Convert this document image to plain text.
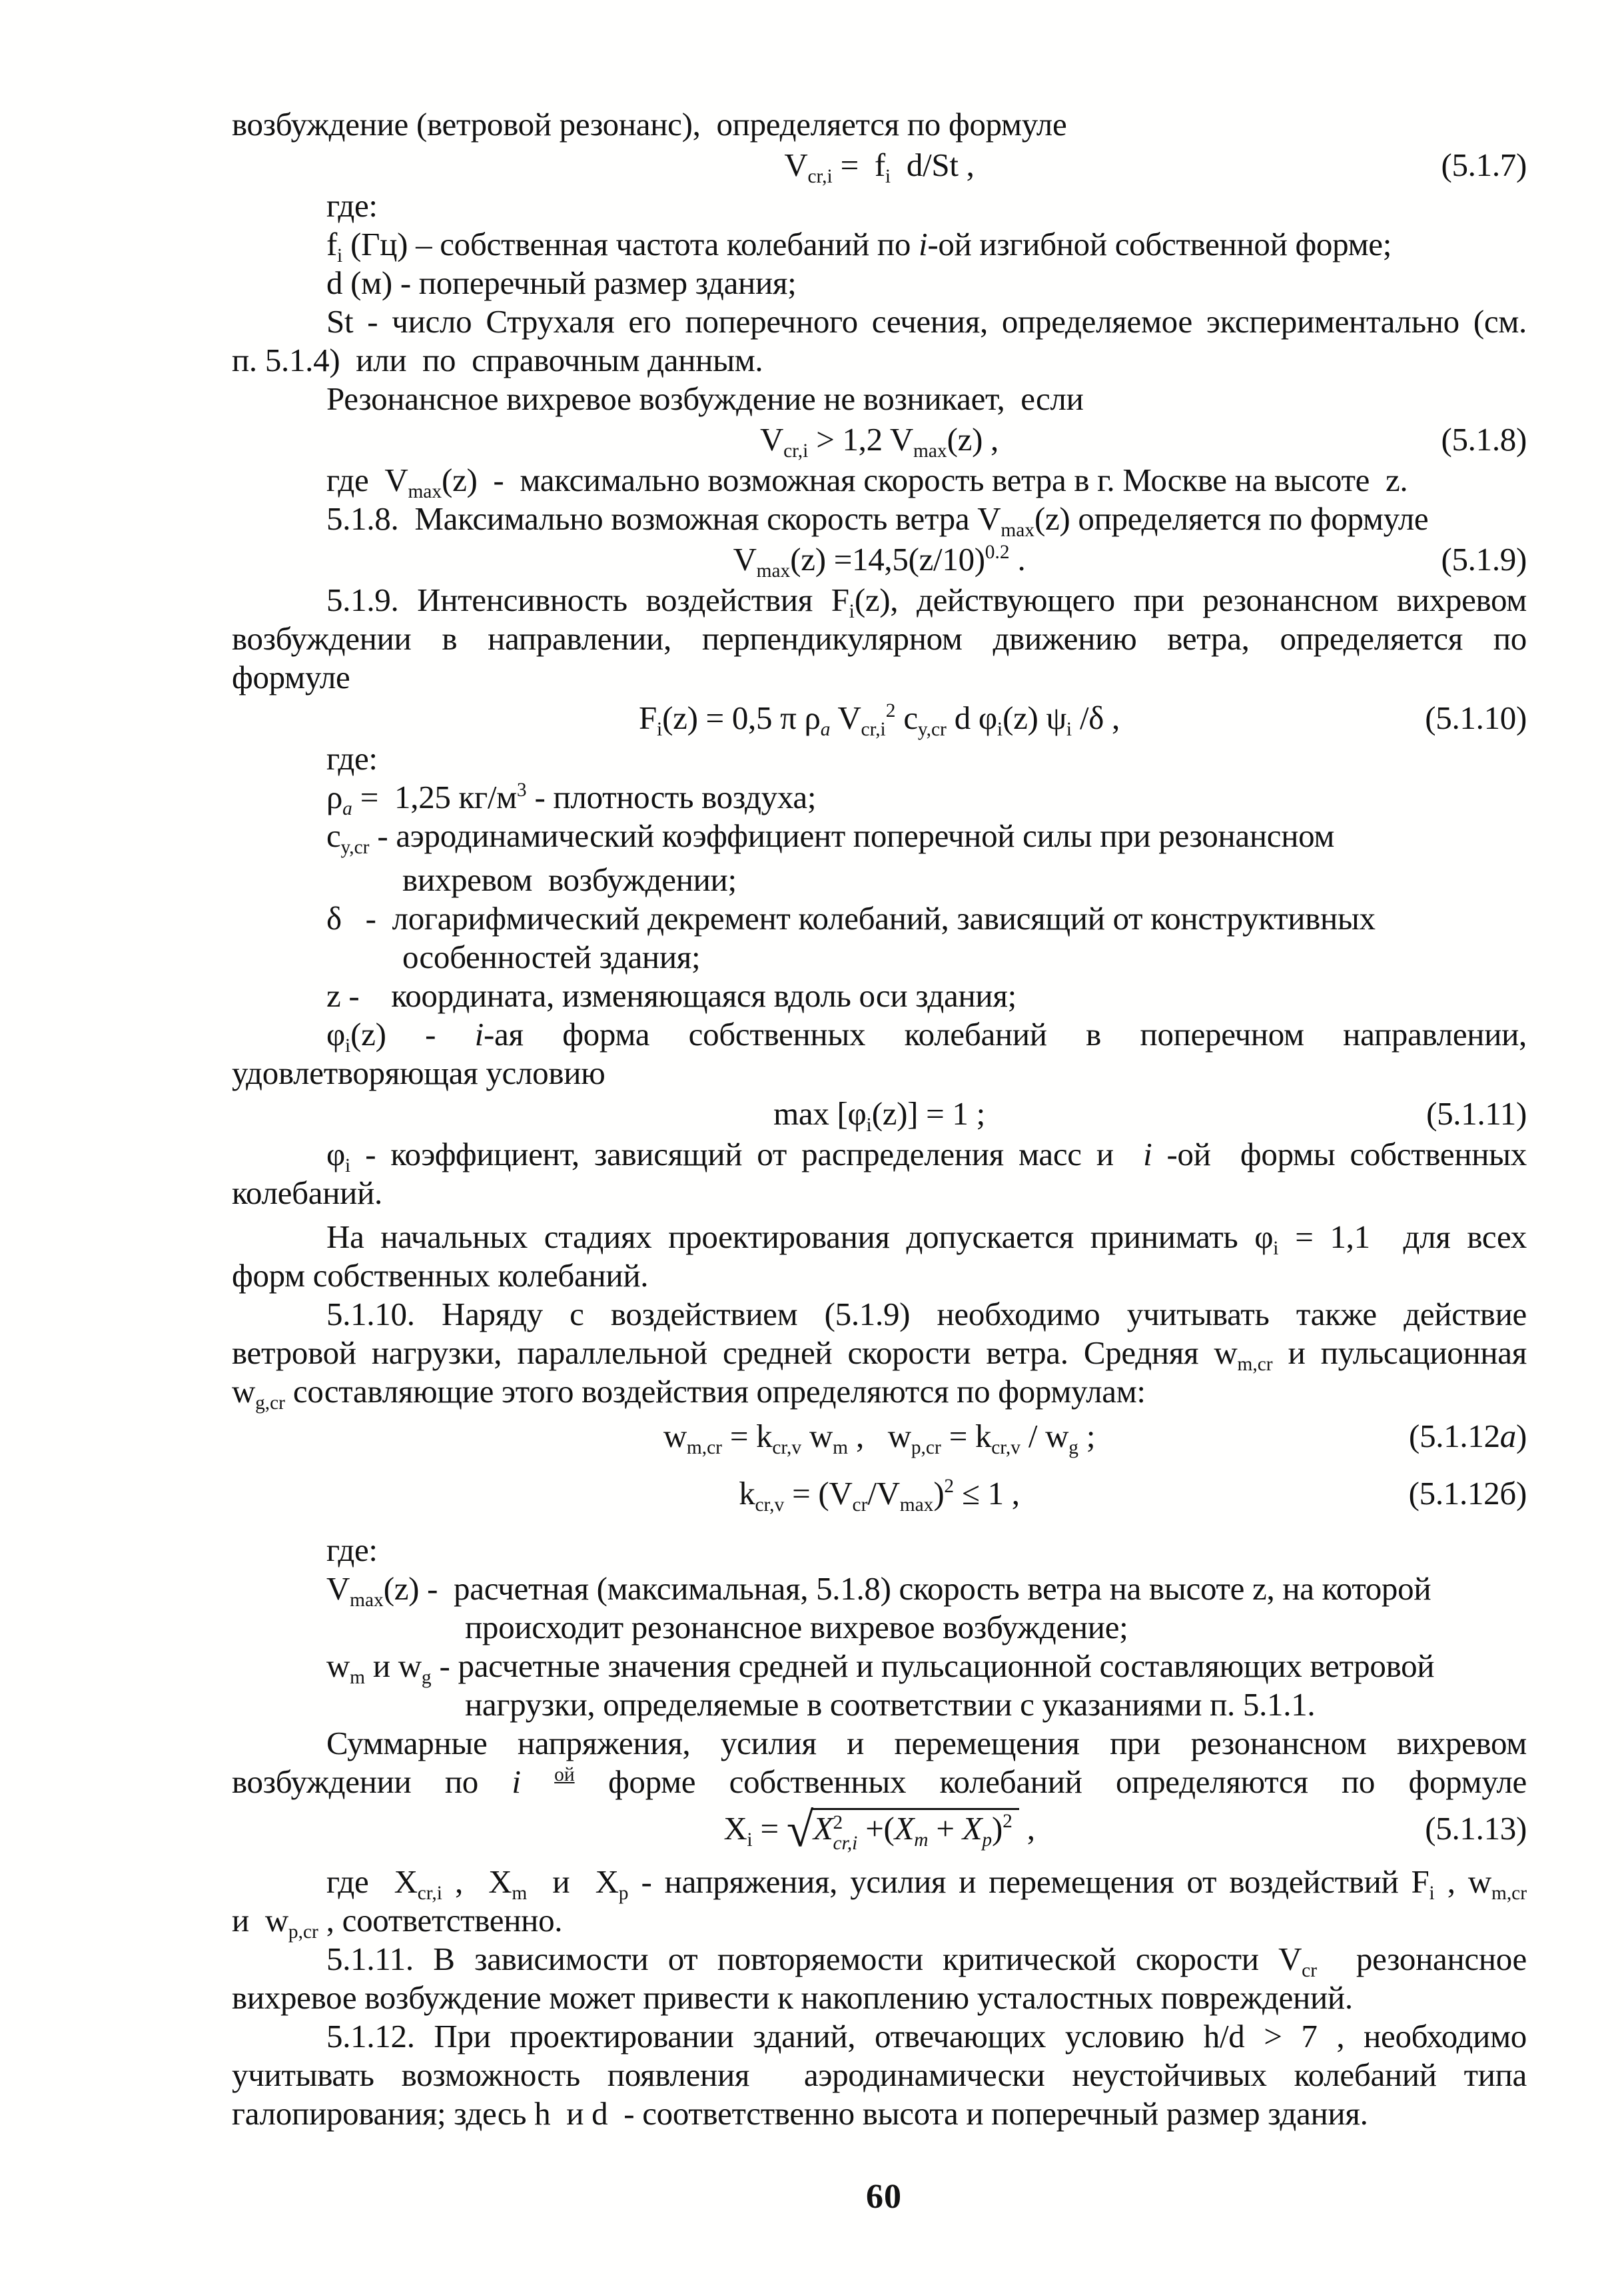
возбуждение (ветровой резонанс),  определяется по формуле
$V_{cr,i} = f_i$  d/St ,	(5.1.7)
где:
$f_i$ (Гц) – собственная частота колебаний по i-ой изгибной собственной форме;
d (м) - поперечный размер здания;
St - число Струхаля его поперечного сечения, определяемое экспериментально (см.
п. 5.1.4)  или  по  справочным данным.
Резонансное вихревое возбуждение не возникает,  если
$V_{cr,i} > 1,2$ $V_{max}(z)$ ,	(5.1.8)
где  $V_{max}(z)$  -  максимально возможная скорость ветра в г. Москве на высоте  z.
5.1.8.  Максимально возможная скорость ветра $V_{max}(z)$ определяется по формуле
$V_{max}(z) =14,5(z/10)^{0.2}$ .	(5.1.9)
5.1.9. Интенсивность воздействия $F_i(z)$, действующего при резонансном вихревом
возбуждении в направлении, перпендикулярном движению ветра, определяется по
формуле
$F_i(z) = 0,5$ π $\rho_a$ $V_{cr,i}^2$ $c_{y,cr}$ d $\varphi_i(z)$ $\psi_i$ /δ ,	(5.1.10)
где:
$\rho_a = 1,25$ $кг/м^3$ - плотность воздуха;
$c_{y,cr}$ - аэродинамический коэффициент поперечной силы при резонансном
вихревом  возбуждении;
δ   -  логарифмический декремент колебаний, зависящий от конструктивных
особенностей здания;
z -    координата, изменяющаяся вдоль оси здания;
$\varphi_i(z) - i-ая$ форма собственных колебаний в поперечном направлении,
удовлетворяющая условию
$\max [\varphi_i(z)] = 1$ ;	(5.1.11)
$\varphi_i$ - коэффициент, зависящий от распределения масс и  i -ой  формы собственных
колебаний.
На начальных стадиях проектирования допускается принимать $\varphi_i = 1,1$  для всех
форм собственных колебаний.
5.1.10. Наряду с воздействием (5.1.9) необходимо учитывать также действие
ветровой нагрузки, параллельной средней скорости ветра. Средняя $w_{m,cr}$ и пульсационная
$w_{g,cr}$ составляющие этого воздействия определяются по формулам:
$w_{m,cr} = k_{cr,v}$ $w_m$ ,   $w_{p,cr} = k_{cr,v} / w_g$ ;	(5.1.12a)
$k_{cr,v} = (V_{cr}/V_{max})^2 \le 1$ ,	(5.1.12б)
где:
$V_{max}(z)$ -  расчетная (максимальная, 5.1.8) скорость ветра на высоте z, на которой
происходит резонансное вихревое возбуждение;
$w_m$ и $w_g$ - расчетные значения средней и пульсационной составляющих ветровой
нагрузки, определяемые в соответствии с указаниями п. 5.1.1.
Суммарные напряжения, усилия и перемещения при резонансном вихревом
возбуждении по i $^{ой}$ форме собственных колебаний определяются по формуле
$X_i = √X$ 2
$cr,i +(X_m + X_p)^2$ ,	(5.1.13)
где  $X_{cr,i}$ ,  $X_m$  и  $X_p$ - напряжения, усилия и перемещения от воздействий $F_i$ , $w_{m,cr}$
и  $w_{p,cr}$ , соответственно.
5.1.11. В зависимости от повторяемости критической скорости $V_{cr}$  резонансное
вихревое возбуждение может привести к накоплению усталостных повреждений.
5.1.12. При проектировании зданий, отвечающих условию h/d > 7 , необходимо
учитывать возможность появления  аэродинамически неустойчивых колебаний типа
галопирования; здесь h  и d  - соответственно высота и поперечный размер здания.
60
